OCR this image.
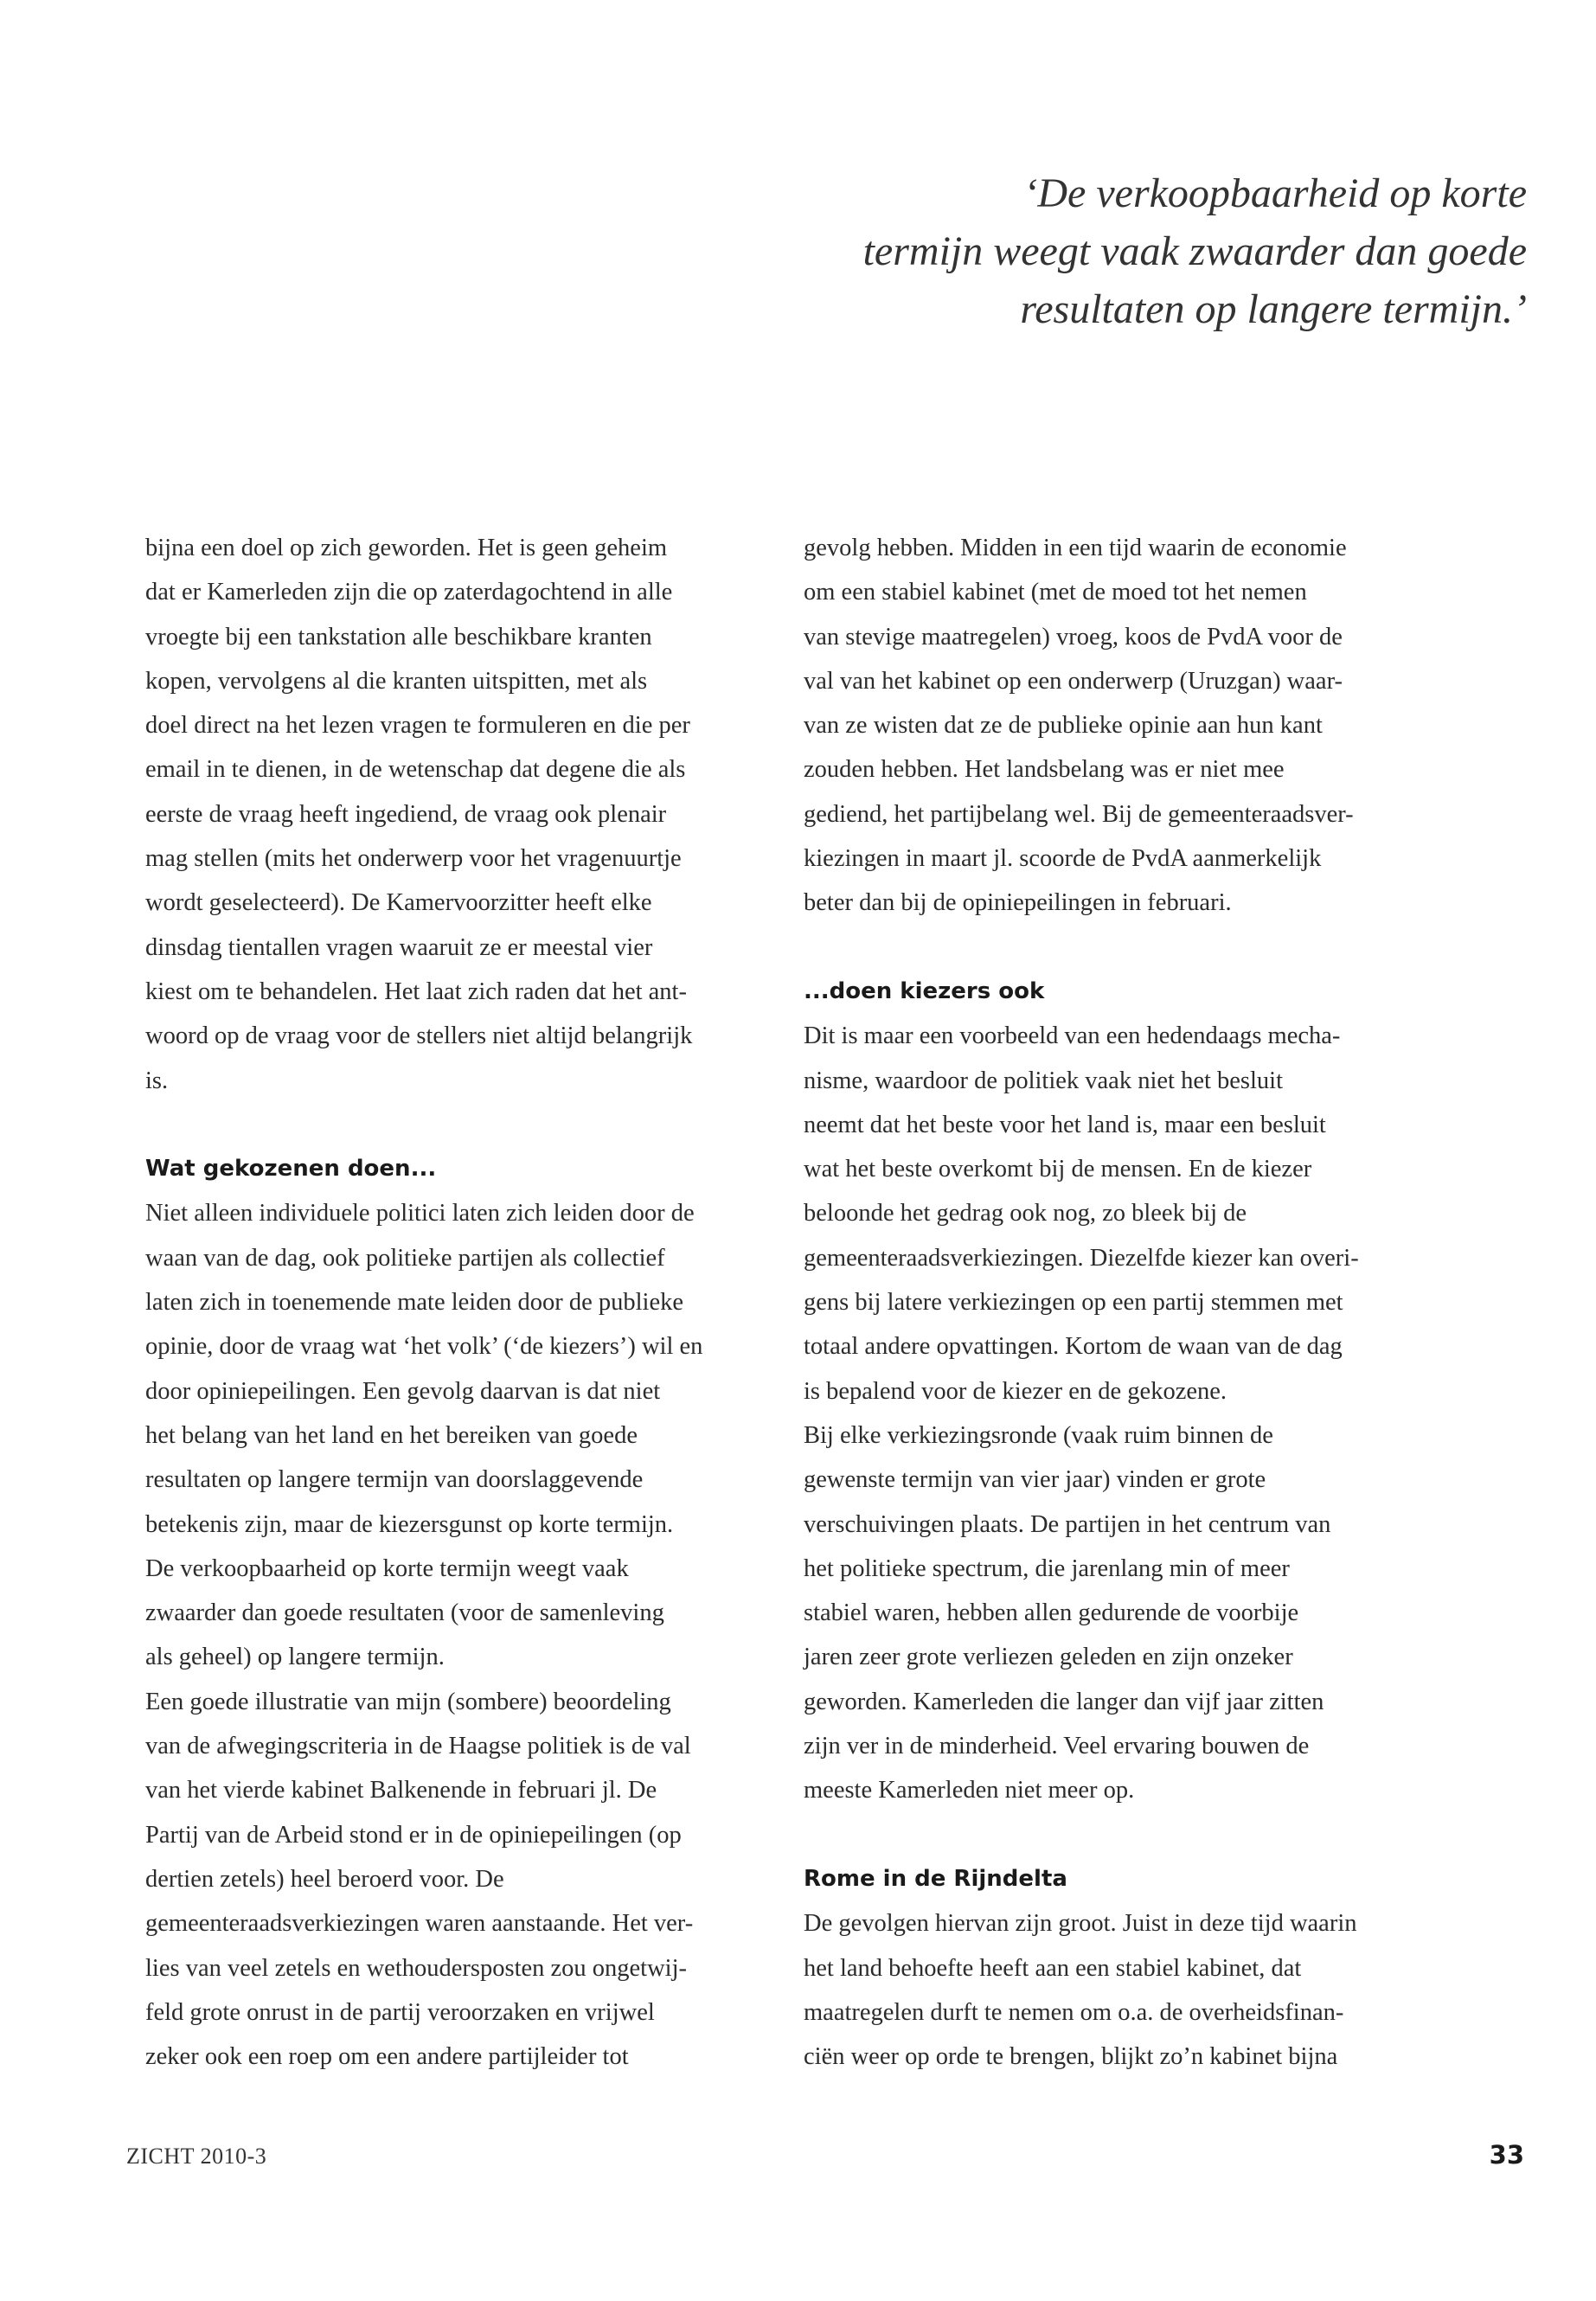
‘De verkoopbaarheid op korte
termijn weegt vaak zwaarder dan goede
resultaten op langere termijn.’
bijna een doel op zich geworden. Het is geen geheim
dat er Kamerleden zijn die op zaterdagochtend in alle
vroegte bij een tankstation alle beschikbare kranten
kopen, vervolgens al die kranten uitspitten, met als
doel direct na het lezen vragen te formuleren en die per
email in te dienen, in de wetenschap dat degene die als
eerste de vraag heeft ingediend, de vraag ook plenair
mag stellen (mits het onderwerp voor het vragenuurtje
wordt geselecteerd). De Kamervoorzitter heeft elke
dinsdag tientallen vragen waaruit ze er meestal vier
kiest om te behandelen. Het laat zich raden dat het ant-
woord op de vraag voor de stellers niet altijd belangrijk
is.
Wat gekozenen doen...
Niet alleen individuele politici laten zich leiden door de
waan van de dag, ook politieke partijen als collectief
laten zich in toenemende mate leiden door de publieke
opinie, door de vraag wat ‘het volk’ (‘de kiezers’) wil en
door opiniepeilingen. Een gevolg daarvan is dat niet
het belang van het land en het bereiken van goede
resultaten op langere termijn van doorslaggevende
betekenis zijn, maar de kiezersgunst op korte termijn.
De verkoopbaarheid op korte termijn weegt vaak
zwaarder dan goede resultaten (voor de samenleving
als geheel) op langere termijn.
Een goede illustratie van mijn (sombere) beoordeling
van de afwegingscriteria in de Haagse politiek is de val
van het vierde kabinet Balkenende in februari jl. De
Partij van de Arbeid stond er in de opiniepeilingen (op
dertien zetels) heel beroerd voor. De
gemeenteraadsverkiezingen waren aanstaande. Het ver-
lies van veel zetels en wethoudersposten zou ongetwij-
feld grote onrust in de partij veroorzaken en vrijwel
zeker ook een roep om een andere partijleider tot
gevolg hebben. Midden in een tijd waarin de economie
om een stabiel kabinet (met de moed tot het nemen
van stevige maatregelen) vroeg, koos de PvdA voor de
val van het kabinet op een onderwerp (Uruzgan) waar-
van ze wisten dat ze de publieke opinie aan hun kant
zouden hebben. Het landsbelang was er niet mee
gediend, het partijbelang wel. Bij de gemeenteraadsver-
kiezingen in maart jl. scoorde de PvdA aanmerkelijk
beter dan bij de opiniepeilingen in februari.
...doen kiezers ook
Dit is maar een voorbeeld van een hedendaags mecha-
nisme, waardoor de politiek vaak niet het besluit
neemt dat het beste voor het land is, maar een besluit
wat het beste overkomt bij de mensen. En de kiezer
beloonde het gedrag ook nog, zo bleek bij de
gemeenteraadsverkiezingen. Diezelfde kiezer kan overi-
gens bij latere verkiezingen op een partij stemmen met
totaal andere opvattingen. Kortom de waan van de dag
is bepalend voor de kiezer en de gekozene.
Bij elke verkiezingsronde (vaak ruim binnen de
gewenste termijn van vier jaar) vinden er grote
verschuivingen plaats. De partijen in het centrum van
het politieke spectrum, die jarenlang min of meer
stabiel waren, hebben allen gedurende de voorbije
jaren zeer grote verliezen geleden en zijn onzeker
geworden. Kamerleden die langer dan vijf jaar zitten
zijn ver in de minderheid. Veel ervaring bouwen de
meeste Kamerleden niet meer op.
Rome in de Rijndelta
De gevolgen hiervan zijn groot. Juist in deze tijd waarin
het land behoefte heeft aan een stabiel kabinet, dat
maatregelen durft te nemen om o.a. de overheidsfinan-
ciën weer op orde te brengen, blijkt zo’n kabinet bijna
ZICHT 2010-3	33
